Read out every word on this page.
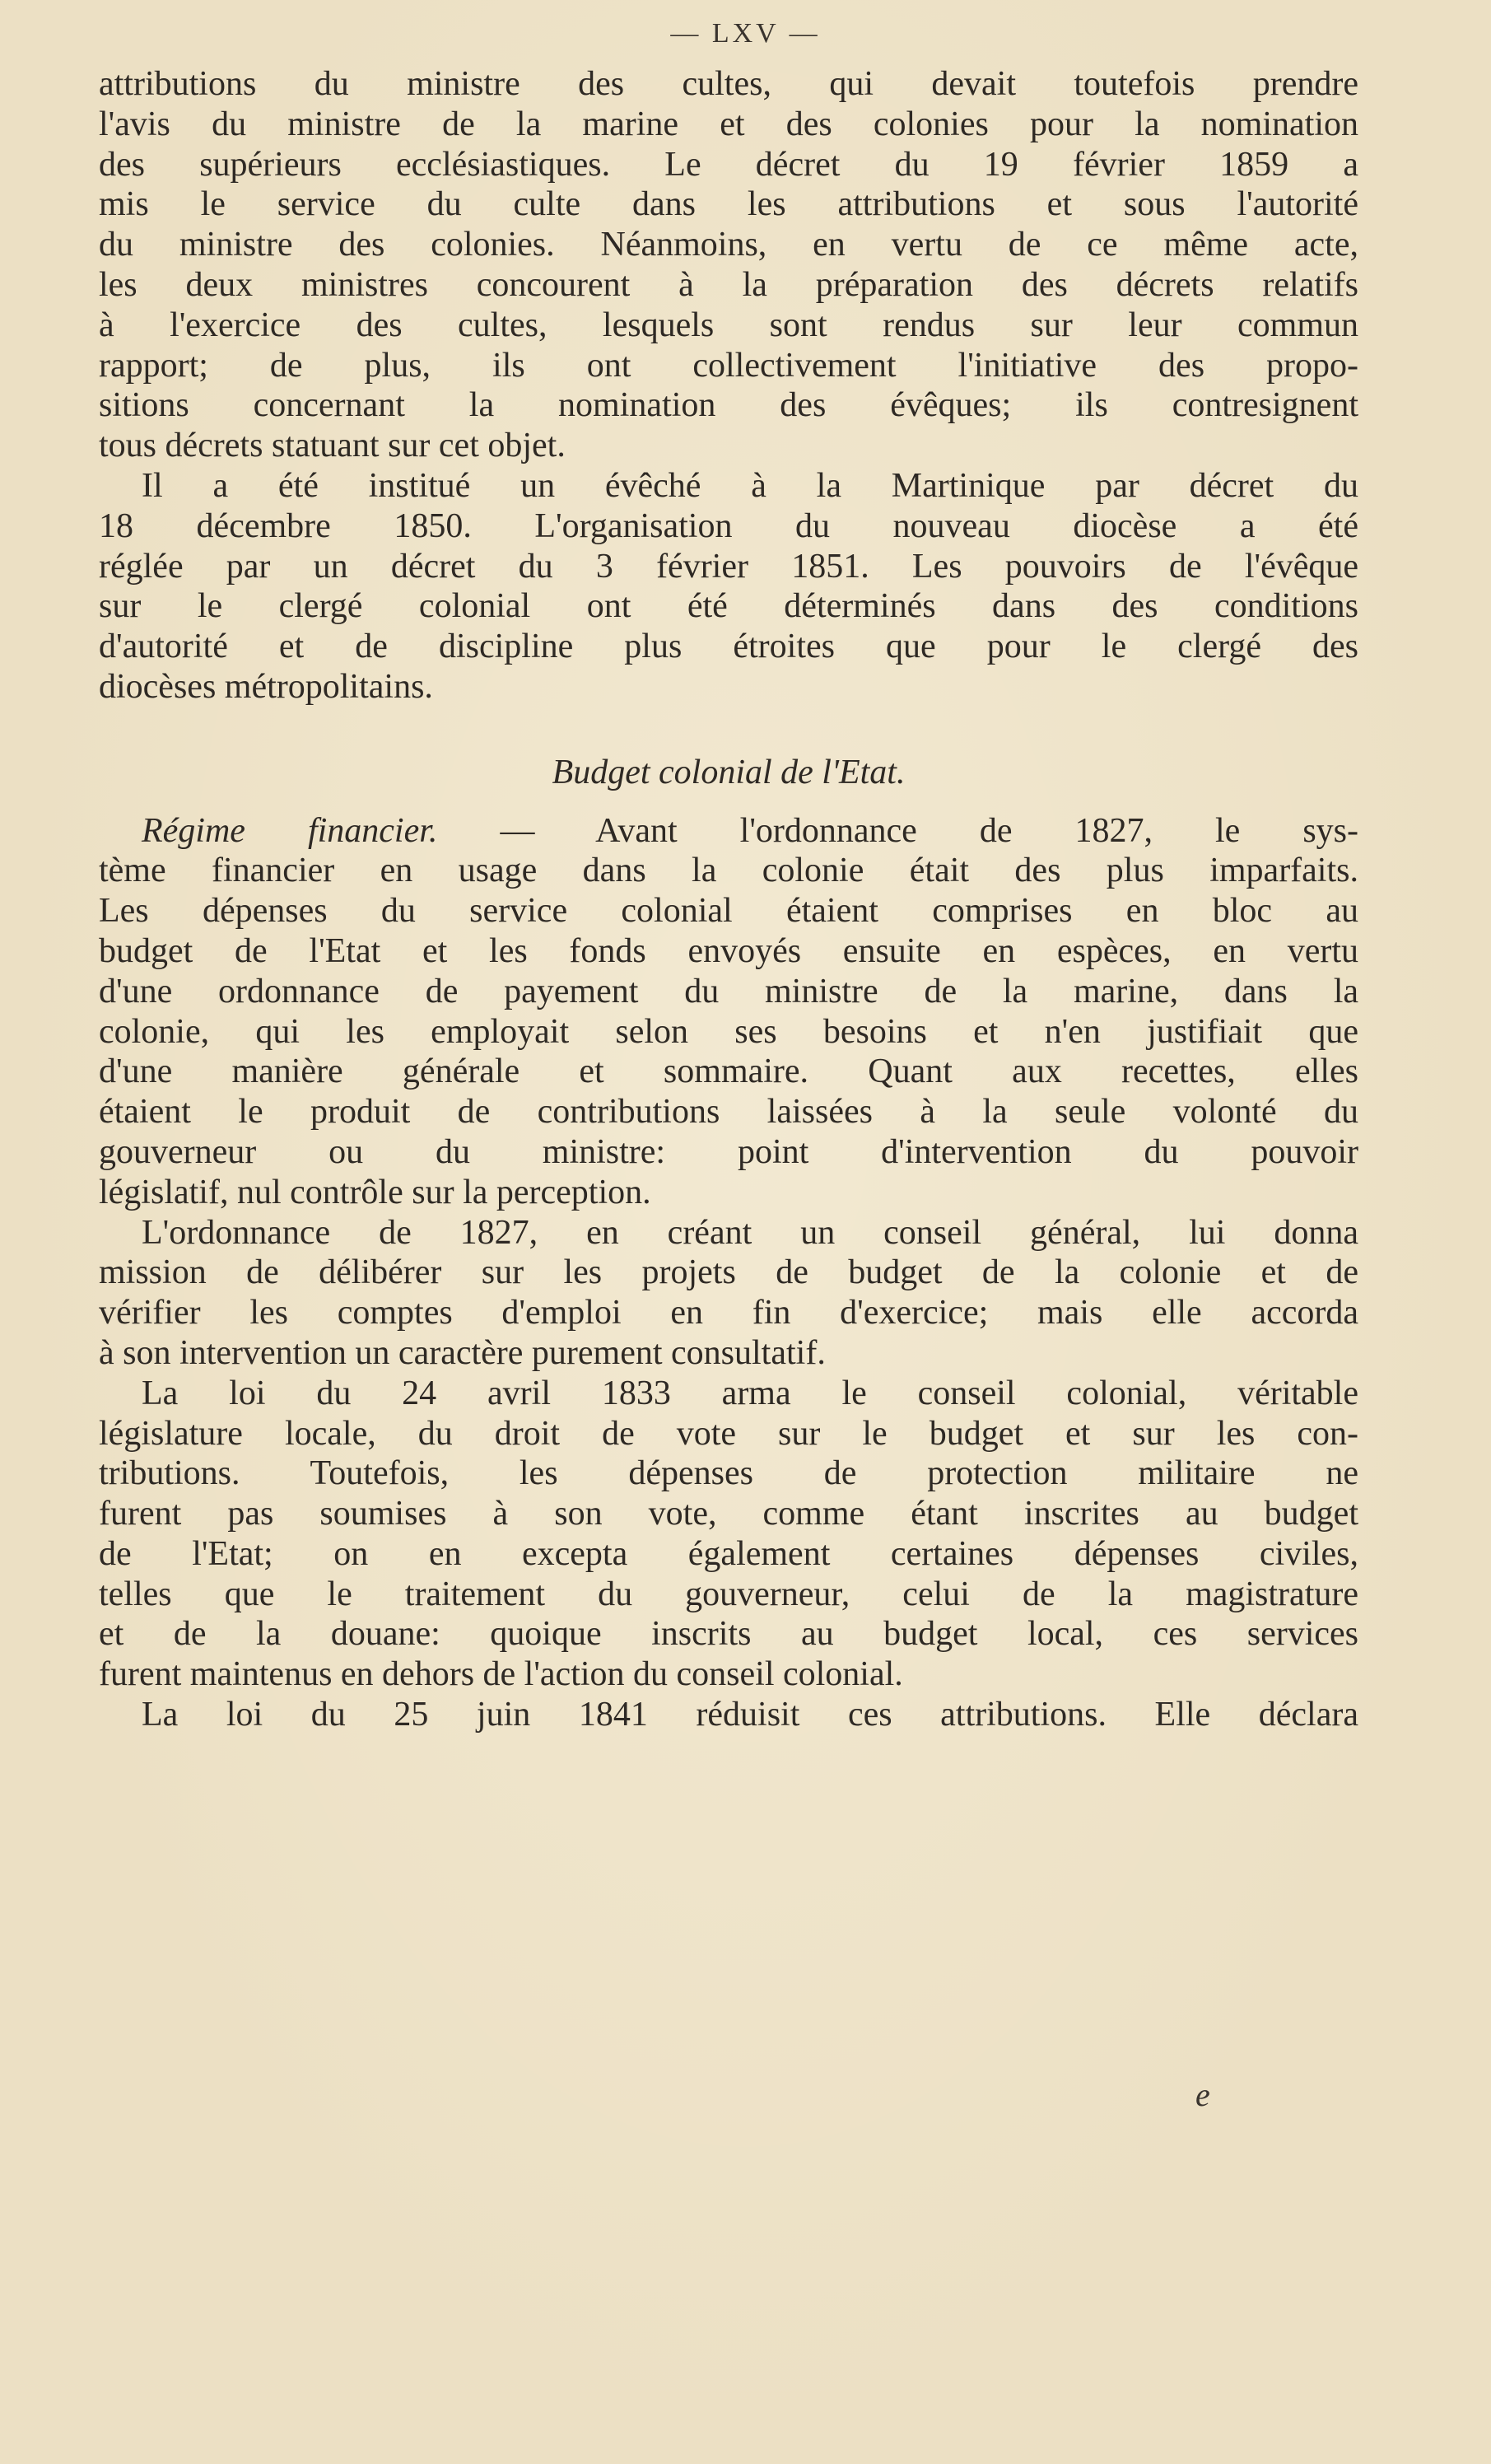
— LXV —
attributions du ministre des cultes, qui devait toutefois prendre
l'avis du ministre de la marine et des colonies pour la nomination
des supérieurs ecclésiastiques. Le décret du 19 février 1859 a
mis le service du culte dans les attributions et sous l'autorité
du ministre des colonies. Néanmoins, en vertu de ce même acte,
les deux ministres concourent à la préparation des décrets relatifs
à l'exercice des cultes, lesquels sont rendus sur leur commun
rapport; de plus, ils ont collectivement l'initiative des propo-
sitions concernant la nomination des évêques; ils contresignent
tous décrets statuant sur cet objet.
Il a été institué un évêché à la Martinique par décret du
18 décembre 1850. L'organisation du nouveau diocèse a été
réglée par un décret du 3 février 1851. Les pouvoirs de l'évêque
sur le clergé colonial ont été déterminés dans des conditions
d'autorité et de discipline plus étroites que pour le clergé des
diocèses métropolitains.
Budget colonial de l'Etat.
Régime financier. — Avant l'ordonnance de 1827, le sys-
tème financier en usage dans la colonie était des plus imparfaits.
Les dépenses du service colonial étaient comprises en bloc au
budget de l'Etat et les fonds envoyés ensuite en espèces, en vertu
d'une ordonnance de payement du ministre de la marine, dans la
colonie, qui les employait selon ses besoins et n'en justifiait que
d'une manière générale et sommaire. Quant aux recettes, elles
étaient le produit de contributions laissées à la seule volonté du
gouverneur ou du ministre: point d'intervention du pouvoir
législatif, nul contrôle sur la perception.
L'ordonnance de 1827, en créant un conseil général, lui donna
mission de délibérer sur les projets de budget de la colonie et de
vérifier les comptes d'emploi en fin d'exercice; mais elle accorda
à son intervention un caractère purement consultatif.
La loi du 24 avril 1833 arma le conseil colonial, véritable
législature locale, du droit de vote sur le budget et sur les con-
tributions. Toutefois, les dépenses de protection militaire ne
furent pas soumises à son vote, comme étant inscrites au budget
de l'Etat; on en excepta également certaines dépenses civiles,
telles que le traitement du gouverneur, celui de la magistrature
et de la douane: quoique inscrits au budget local, ces services
furent maintenus en dehors de l'action du conseil colonial.
La loi du 25 juin 1841 réduisit ces attributions. Elle déclara
e
